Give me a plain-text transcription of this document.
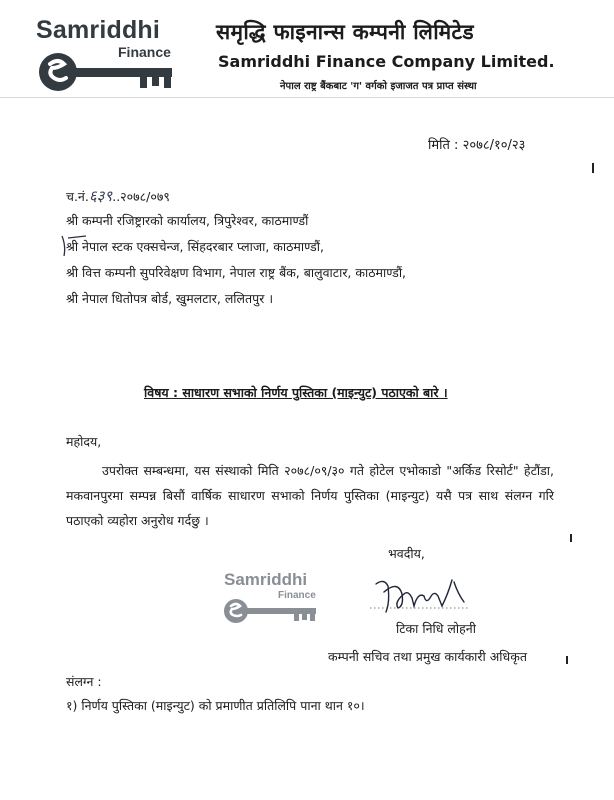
Samriddhi
Finance
समृद्धि फाइनान्स कम्पनी लिमिटेड
Samriddhi Finance Company Limited.
नेपाल राष्ट्र बैंकबाट 'ग' वर्गको इजाजत पत्र प्राप्त संस्था
मिति : २०७८/१०/२३
च.नं.६३९..२०७८/०७९
श्री कम्पनी रजिष्ट्रारको कार्यालय, त्रिपुरेश्वर, काठमाण्डौं
श्री नेपाल स्टक एक्सचेन्ज, सिंहदरबार प्लाजा, काठमाण्डौं,
श्री वित्त कम्पनी सुपरिवेक्षण विभाग, नेपाल राष्ट्र बैंक, बालुवाटार, काठमाण्डौं,
श्री नेपाल धितोपत्र बोर्ड, खुमलटार, ललितपुर ।
विषय : साधारण सभाको निर्णय पुस्तिका (माइन्युट) पठाएको बारे ।
महोदय,
उपरोक्त सम्बन्धमा, यस संस्थाको मिति २०७८/०९/३० गते होटेल एभोकाडो "अर्किड रिसोर्ट" हेटौंडा, मकवानपुरमा सम्पन्न बिसौं वार्षिक साधारण सभाको निर्णय पुस्तिका (माइन्युट) यसै पत्र साथ संलग्न गरि पठाएको व्यहोरा अनुरोध गर्दछु ।
भवदीय,
Samriddhi
Finance
टिका निधि लोहनी
कम्पनी सचिव तथा प्रमुख कार्यकारी अधिकृत
संलग्न :
१) निर्णय पुस्तिका (माइन्युट) को प्रमाणीत प्रतिलिपि पाना थान १०।
